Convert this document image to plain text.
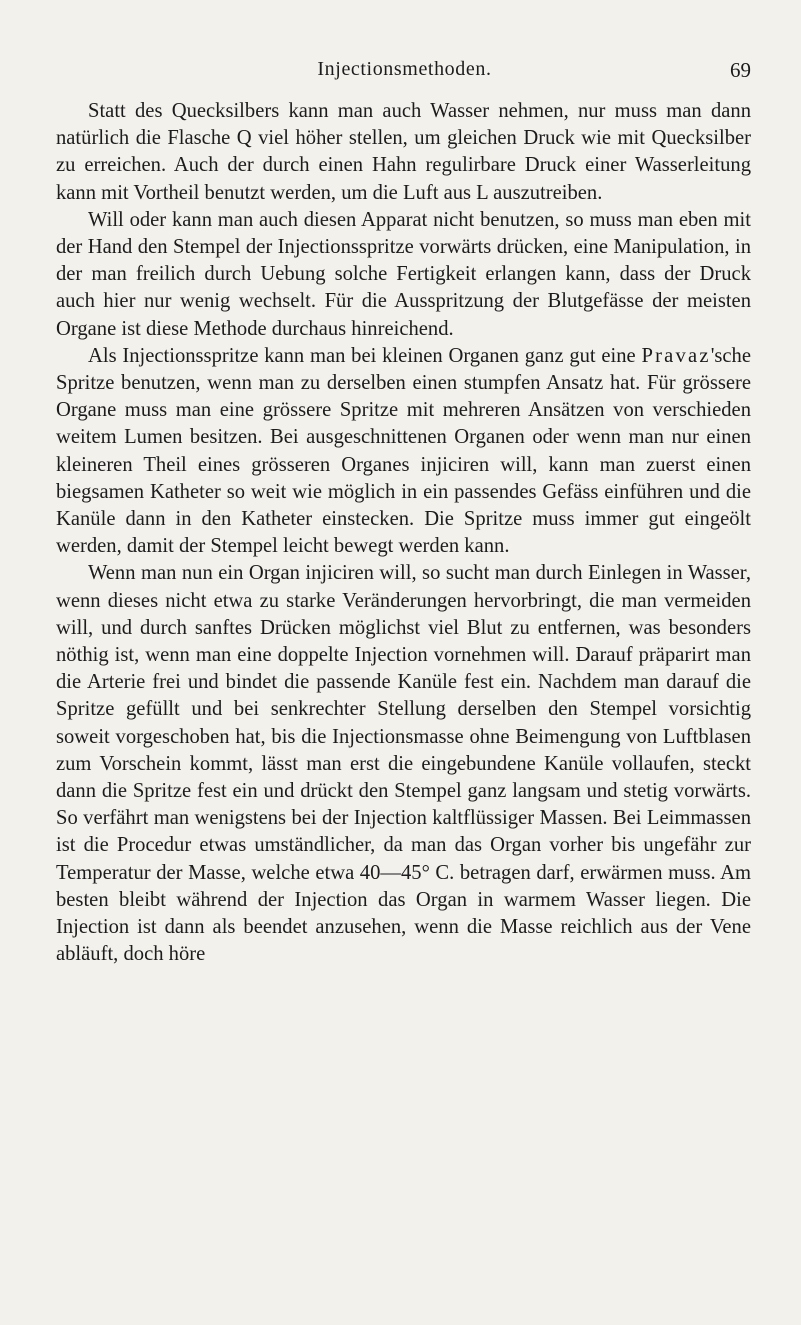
Injectionsmethoden.	69

Statt des Quecksilbers kann man auch Wasser nehmen, nur muss man dann natürlich die Flasche Q viel höher stellen, um gleichen Druck wie mit Quecksilber zu erreichen. Auch der durch einen Hahn regulirbare Druck einer Wasserleitung kann mit Vortheil benutzt werden, um die Luft aus L auszutreiben.

Will oder kann man auch diesen Apparat nicht benutzen, so muss man eben mit der Hand den Stempel der Injectionsspritze vorwärts drücken, eine Manipulation, in der man freilich durch Uebung solche Fertigkeit erlangen kann, dass der Druck auch hier nur wenig wechselt. Für die Ausspritzung der Blutgefässe der meisten Organe ist diese Methode durchaus hinreichend.

Als Injectionsspritze kann man bei kleinen Organen ganz gut eine Pravaz'sche Spritze benutzen, wenn man zu derselben einen stumpfen Ansatz hat. Für grössere Organe muss man eine grössere Spritze mit mehreren Ansätzen von verschieden weitem Lumen besitzen. Bei ausgeschnittenen Organen oder wenn man nur einen kleineren Theil eines grösseren Organes injiciren will, kann man zuerst einen biegsamen Katheter so weit wie möglich in ein passendes Gefäss einführen und die Kanüle dann in den Katheter einstecken. Die Spritze muss immer gut eingeölt werden, damit der Stempel leicht bewegt werden kann.

Wenn man nun ein Organ injiciren will, so sucht man durch Einlegen in Wasser, wenn dieses nicht etwa zu starke Veränderungen hervorbringt, die man vermeiden will, und durch sanftes Drücken möglichst viel Blut zu entfernen, was besonders nöthig ist, wenn man eine doppelte Injection vornehmen will. Darauf präparirt man die Arterie frei und bindet die passende Kanüle fest ein. Nachdem man darauf die Spritze gefüllt und bei senkrechter Stellung derselben den Stempel vorsichtig soweit vorgeschoben hat, bis die Injectionsmasse ohne Beimengung von Luftblasen zum Vorschein kommt, lässt man erst die eingebundene Kanüle vollaufen, steckt dann die Spritze fest ein und drückt den Stempel ganz langsam und stetig vorwärts. So verfährt man wenigstens bei der Injection kaltflüssiger Massen. Bei Leimmassen ist die Procedur etwas umständlicher, da man das Organ vorher bis ungefähr zur Temperatur der Masse, welche etwa 40—45° C. betragen darf, erwärmen muss. Am besten bleibt während der Injection das Organ in warmem Wasser liegen. Die Injection ist dann als beendet anzusehen, wenn die Masse reichlich aus der Vene abläuft, doch höre
